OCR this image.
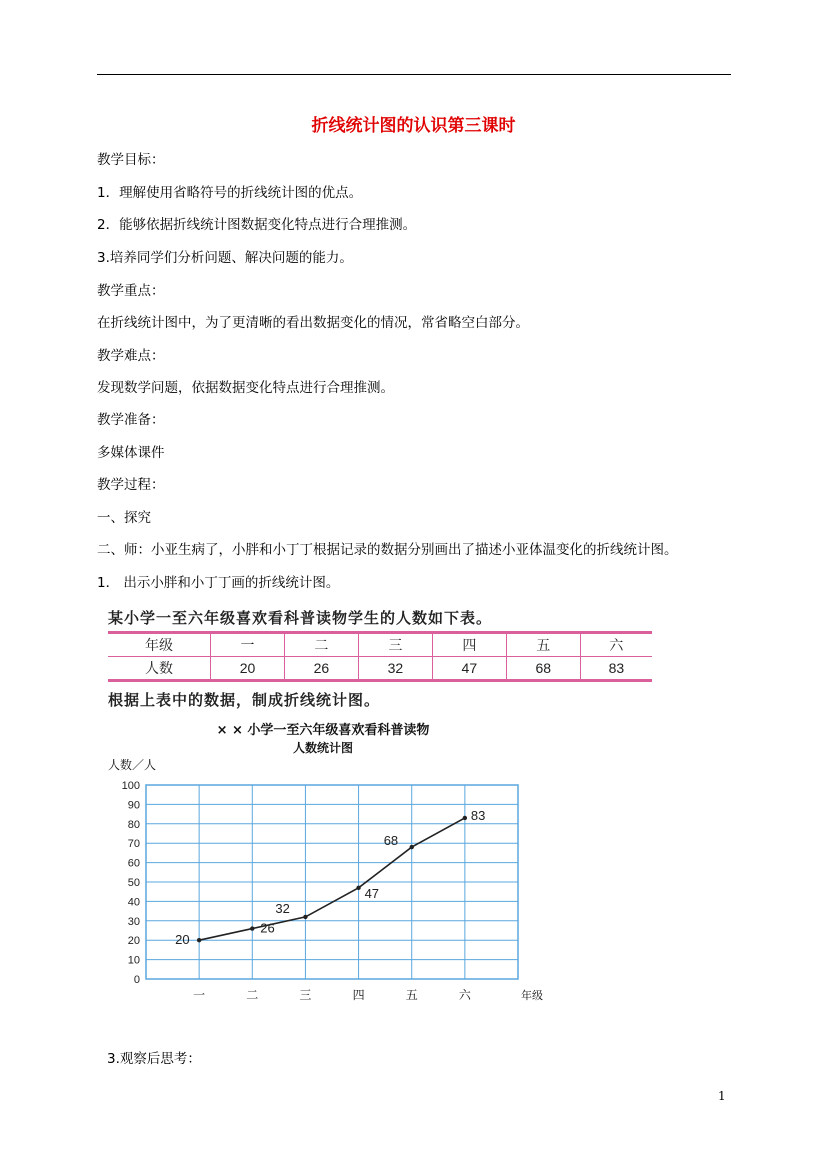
折线统计图的认识第三课时
教学目标：
1．理解使用省略符号的折线统计图的优点。
2．能够依据折线统计图数据变化特点进行合理推测。
3.培养同学们分析问题、解决问题的能力。
教学重点：
在折线统计图中，为了更清晰的看出数据变化的情况，常省略空白部分。
教学难点：
发现数学问题，依据数据变化特点进行合理推测。
教学准备：
多媒体课件
教学过程：
一、探究
二、师：小亚生病了，小胖和小丁丁根据记录的数据分别画出了描述小亚体温变化的折线统计图。
1． 出示小胖和小丁丁画的折线统计图。
某小学一至六年级喜欢看科普读物学生的人数如下表。
年级	一	二	三	四	五	六
人数	20	26	32	47	68	83
根据上表中的数据，制成折线统计图。
× × 小学一至六年级喜欢看科普读物
人数统计图
人数／人
0
10
20
30
40
50
60
70
80
90
100
一	二	三	四	五	六	年级
20
26
32
47
68
83
3.观察后思考：
1
